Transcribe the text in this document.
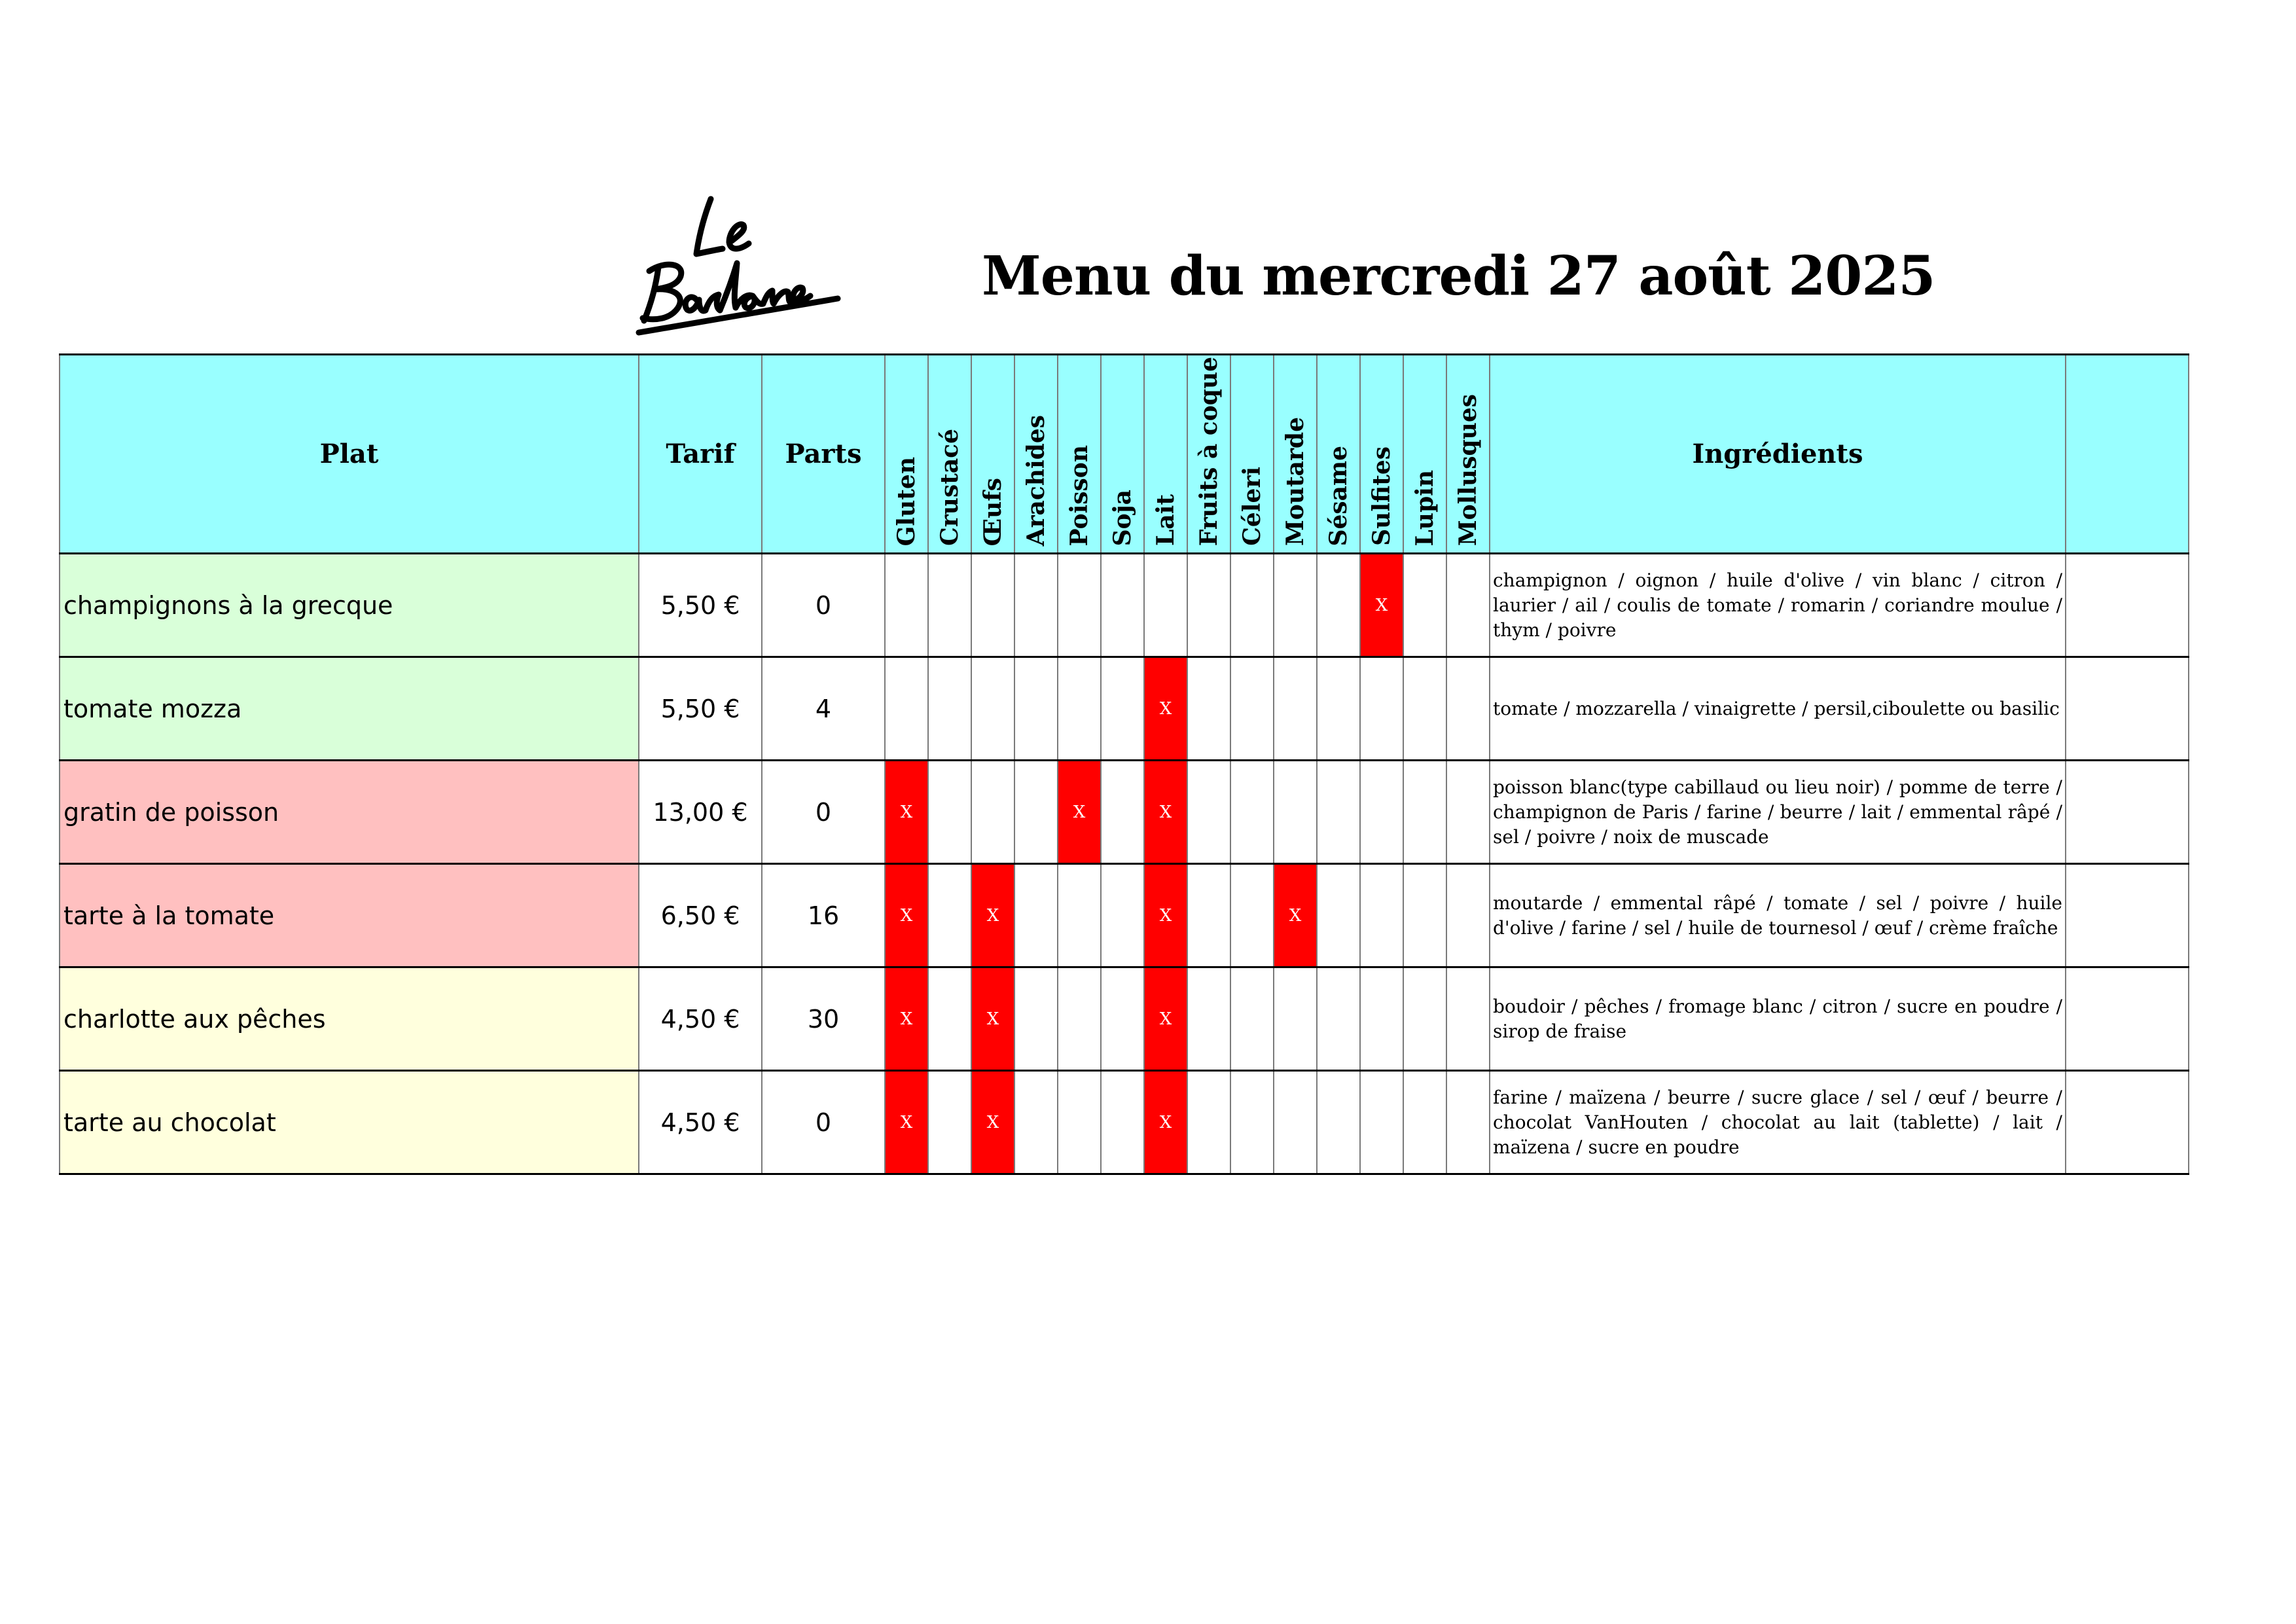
Menu du mercredi 27 août 2025
Plat	Tarif	Parts	Gluten	Crustacé	Œufs	Arachides	Poisson	Soja	Lait	Fruits à coque	Céleri	Moutarde	Sésame	Sulfites	Lupin	Mollusques	Ingrédients	
champignons à la grecque	5,50 €	0												X			champignon / oignon / huile d'olive / vin blanc / citron / laurier / ail / coulis de tomate / romarin / coriandre moulue / thym / poivre	
tomate mozza	5,50 €	4							X								tomate / mozzarella / vinaigrette / persil,ciboulette ou basilic	
gratin de poisson	13,00 €	0	X				X		X								poisson blanc(type cabillaud ou lieu noir) / pomme de terre / champignon de Paris / farine / beurre / lait / emmental râpé / sel / poivre / noix de muscade	
tarte à la tomate	6,50 €	16	X		X				X			X					moutarde / emmental râpé / tomate / sel / poivre / huile d'olive / farine / sel / huile de tournesol / œuf / crème fraîche	
charlotte aux pêches	4,50 €	30	X		X				X								boudoir / pêches / fromage blanc / citron / sucre en poudre / sirop de fraise	
tarte au chocolat	4,50 €	0	X		X				X								farine / maïzena / beurre / sucre glace / sel / œuf / beurre / chocolat VanHouten / chocolat au lait (tablette) / lait / maïzena / sucre en poudre	
